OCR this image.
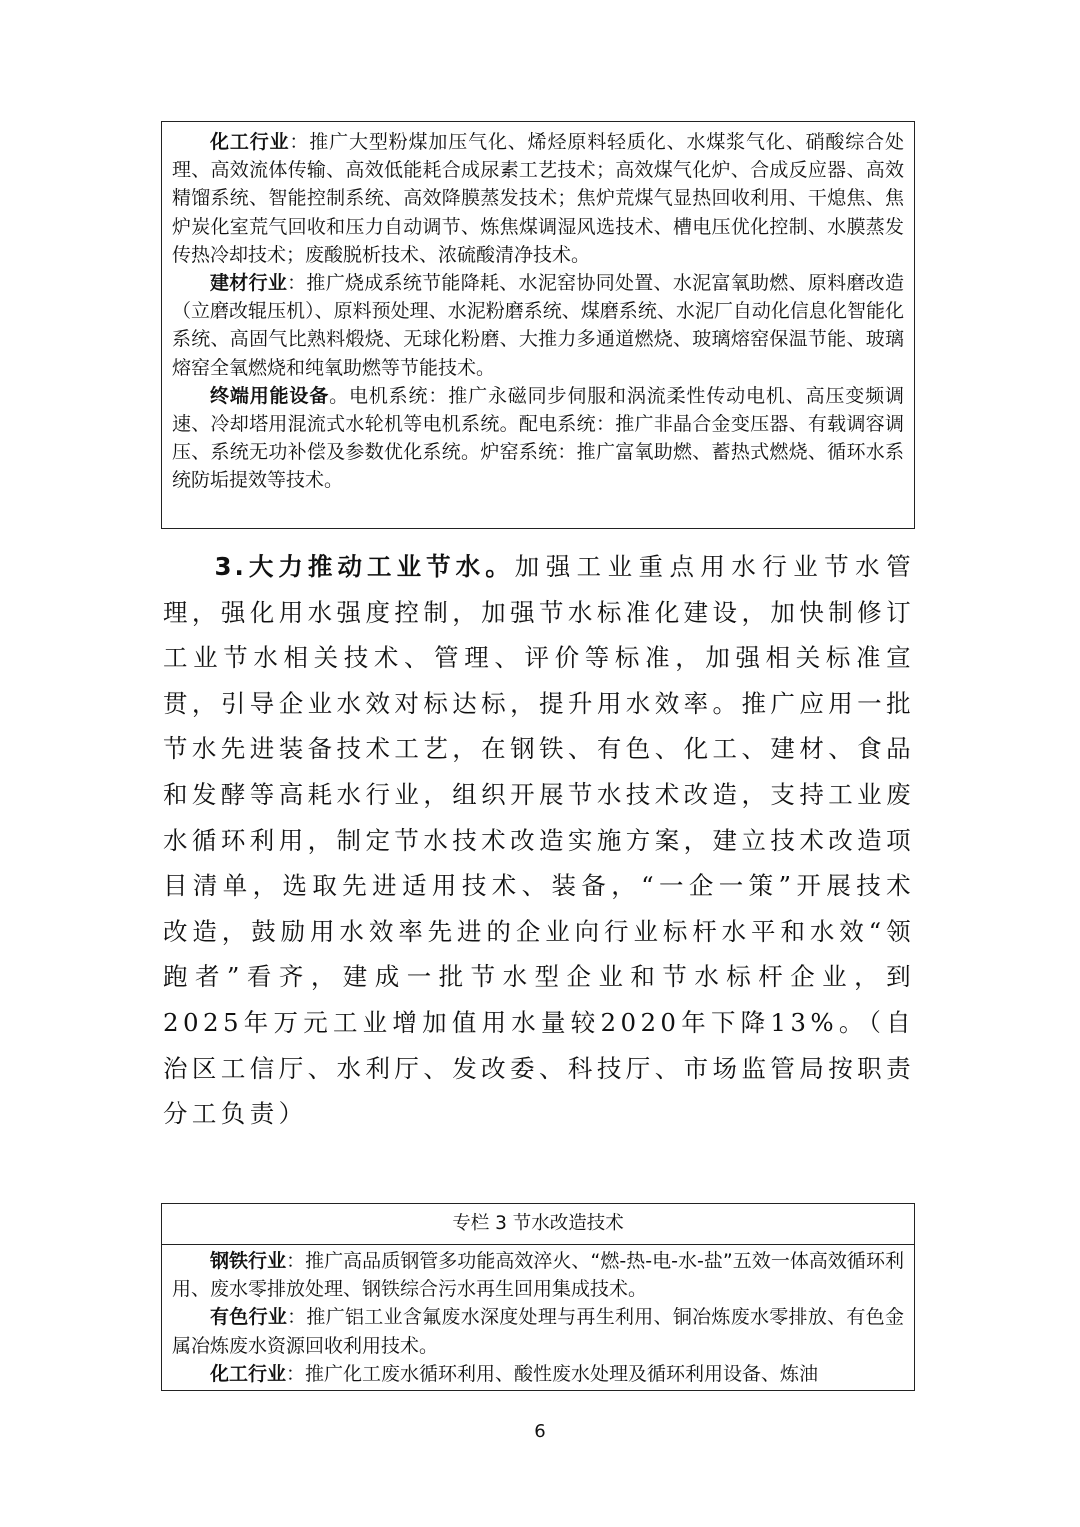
化工行业：推广大型粉煤加压气化、烯烃原料轻质化、水煤浆气化、硝酸综合处理、高效流体传输、高效低能耗合成尿素工艺技术；高效煤气化炉、合成反应器、高效精馏系统、智能控制系统、高效降膜蒸发技术；焦炉荒煤气显热回收利用、干熄焦、焦炉炭化室荒气回收和压力自动调节、炼焦煤调湿风选技术、槽电压优化控制、水膜蒸发传热冷却技术；废酸脱析技术、浓硫酸清净技术。

建材行业：推广烧成系统节能降耗、水泥窑协同处置、水泥富氧助燃、原料磨改造（立磨改辊压机）、原料预处理、水泥粉磨系统、煤磨系统、水泥厂自动化信息化智能化系统、高固气比熟料煅烧、无球化粉磨、大推力多通道燃烧、玻璃熔窑保温节能、玻璃熔窑全氧燃烧和纯氧助燃等节能技术。

终端用能设备。电机系统：推广永磁同步伺服和涡流柔性传动电机、高压变频调速、冷却塔用混流式水轮机等电机系统。配电系统：推广非晶合金变压器、有载调容调压、系统无功补偿及参数优化系统。炉窑系统：推广富氧助燃、蓄热式燃烧、循环水系统防垢提效等技术。

3.大力推动工业节水。加强工业重点用水行业节水管理，强化用水强度控制，加强节水标准化建设，加快制修订工业节水相关技术、管理、评价等标准，加强相关标准宣贯，引导企业水效对标达标，提升用水效率。推广应用一批节水先进装备技术工艺，在钢铁、有色、化工、建材、食品和发酵等高耗水行业，组织开展节水技术改造，支持工业废水循环利用，制定节水技术改造实施方案，建立技术改造项目清单，选取先进适用技术、装备，“一企一策”开展技术改造，鼓励用水效率先进的企业向行业标杆水平和水效“领跑者”看齐，建成一批节水型企业和节水标杆企业，到2025年万元工业增加值用水量较2020年下降13%。（自治区工信厅、水利厅、发改委、科技厅、市场监管局按职责分工负责）

专栏 3 节水改造技术

钢铁行业：推广高品质钢管多功能高效淬火、“燃-热-电-水-盐”五效一体高效循环利用、废水零排放处理、钢铁综合污水再生回用集成技术。

有色行业：推广铝工业含氟废水深度处理与再生利用、铜冶炼废水零排放、有色金属冶炼废水资源回收利用技术。

化工行业：推广化工废水循环利用、酸性废水处理及循环利用设备、炼油

6
